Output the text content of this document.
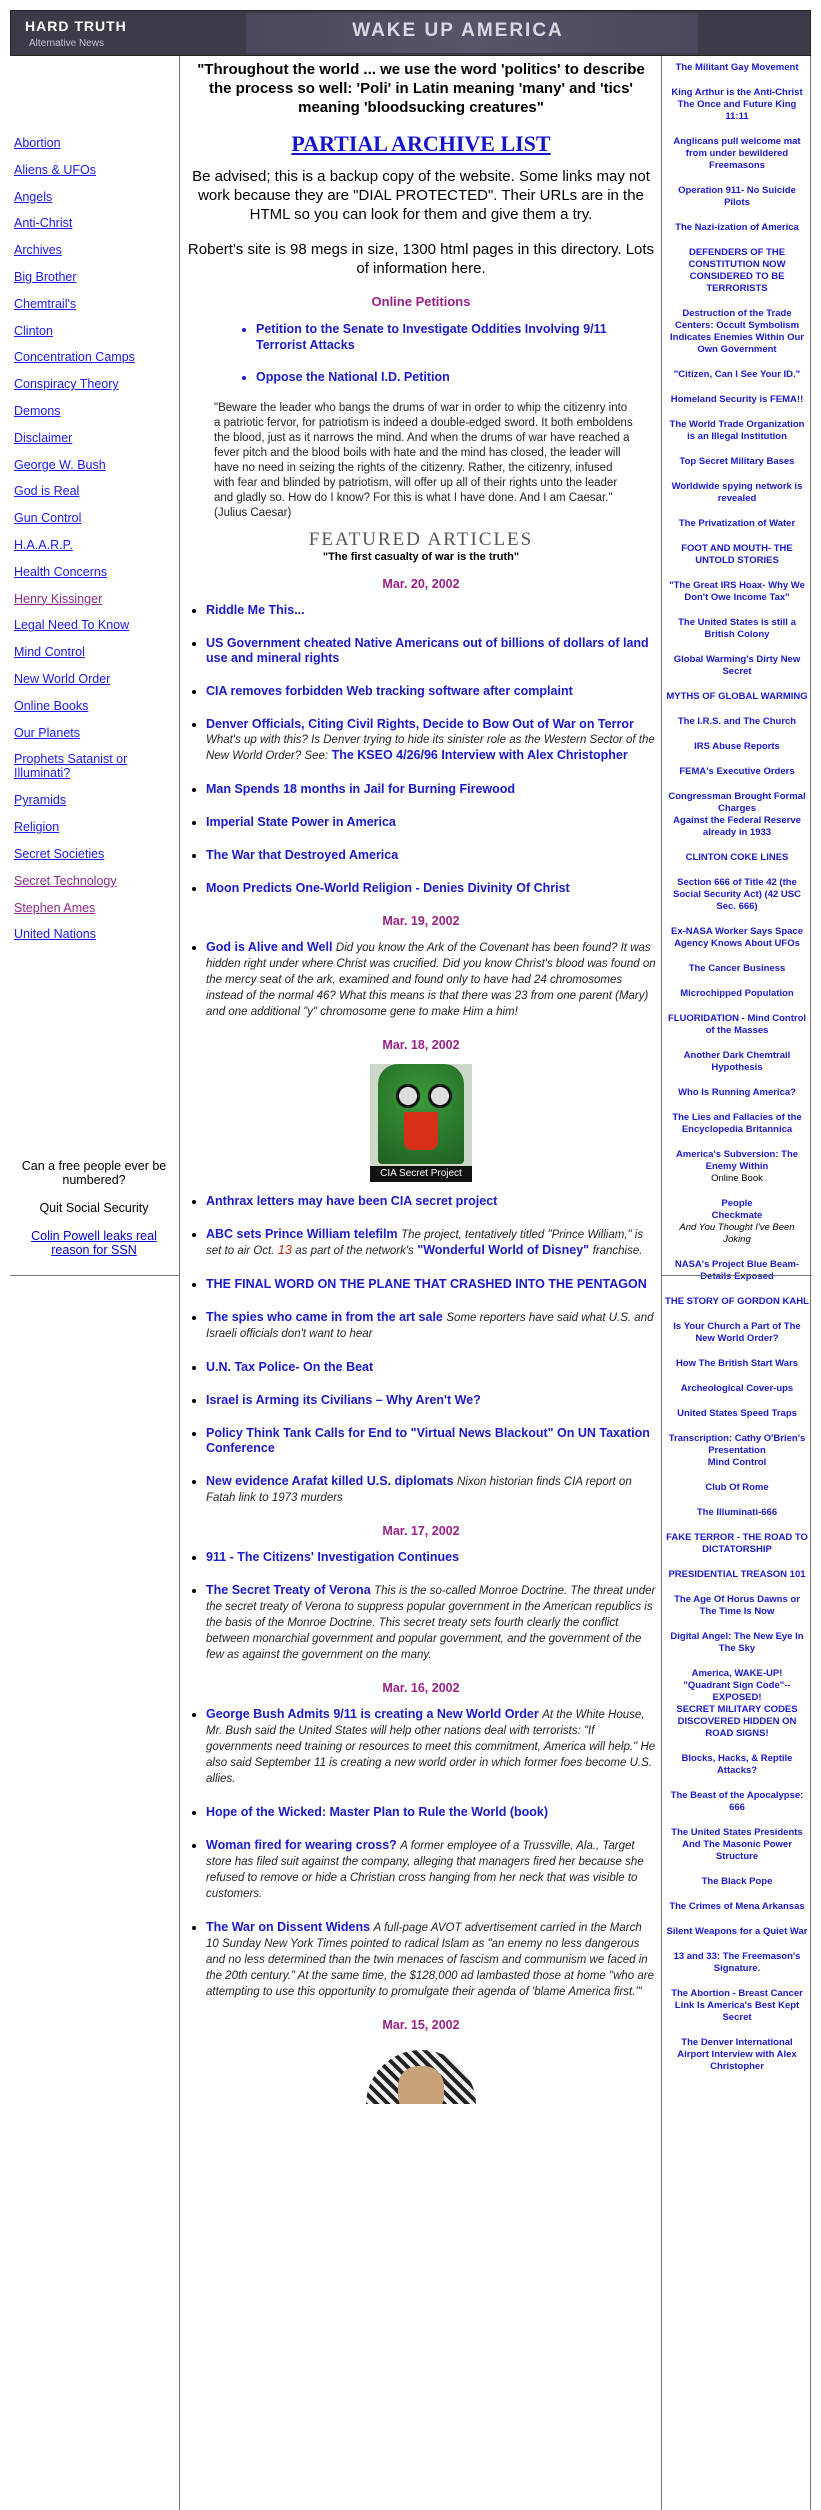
HARD TRUTH
Alternative News
WAKE UP AMERICA
Abortion
Aliens & UFOs
Angels
Anti-Christ
Archives
Big Brother
Chemtrail's
Clinton
Concentration Camps
Conspiracy Theory
Demons
Disclaimer
George W. Bush
God is Real
Gun Control
H.A.A.R.P.
Health Concerns
Henry Kissinger
Legal Need To Know
Mind Control
New World Order
Online Books
Our Planets
Prophets Satanist or Illuminati?
Pyramids
Religion
Secret Societies
Secret Technology
Stephen Ames
United Nations

Can a free people ever be numbered?

Quit Social Security

Colin Powell leaks real reason for SSN

"Throughout the world ... we use the word 'politics' to describe the process so well: 'Poli' in Latin meaning 'many' and 'tics' meaning 'bloodsucking creatures"
PARTIAL ARCHIVE LIST

Be advised; this is a backup copy of the website. Some links may not work because they are "DIAL PROTECTED". Their URLs are in the HTML so you can look for them and give them a try.

Robert's site is 98 megs in size, 1300 html pages in this directory. Lots of information here.

Online Petitions
• Petition to the Senate to Investigate Oddities Involving 9/11 Terrorist Attacks
• Oppose the National I.D. Petition

"Beware the leader who bangs the drums of war in order to whip the citizenry into a patriotic fervor, for patriotism is indeed a double-edged sword. It both emboldens the blood, just as it narrows the mind. And when the drums of war have reached a fever pitch and the blood boils with hate and the mind has closed, the leader will have no need in seizing the rights of the citizenry. Rather, the citizenry, infused with fear and blinded by patriotism, will offer up all of their rights unto the leader and gladly so. How do I know? For this is what I have done. And I am Caesar." (Julius Caesar)

FEATURED ARTICLES
"The first casualty of war is the truth"
Mar. 20, 2002
• Riddle Me This...
• US Government cheated Native Americans out of billions of dollars of land use and mineral rights
• CIA removes forbidden Web tracking software after complaint
• Denver Officials, Citing Civil Rights, Decide to Bow Out of War on Terror What's up with this? Is Denver trying to hide its sinister role as the Western Sector of the New World Order? See: The KSEO 4/26/96 Interview with Alex Christopher
• Man Spends 18 months in Jail for Burning Firewood
• Imperial State Power in America
• The War that Destroyed America
• Moon Predicts One-World Religion - Denies Divinity Of Christ
Mar. 19, 2002
• God is Alive and Well Did you know the Ark of the Covenant has been found? It was hidden right under where Christ was crucified. Did you know Christ's blood was found on the mercy seat of the ark, examined and found only to have had 24 chromosomes instead of the normal 46? What this means is that there was 23 from one parent (Mary) and one additional "y" chromosome gene to make Him a him!
Mar. 18, 2002
CIA Secret Project
• Anthrax letters may have been CIA secret project
• ABC sets Prince William telefilm The project, tentatively titled "Prince William," is set to air Oct. 13 as part of the network's "Wonderful World of Disney" franchise.
• THE FINAL WORD ON THE PLANE THAT CRASHED INTO THE PENTAGON
• The spies who came in from the art sale Some reporters have said what U.S. and Israeli officials don't want to hear
• U.N. Tax Police- On the Beat
• Israel is Arming its Civilians – Why Aren't We?
• Policy Think Tank Calls for End to "Virtual News Blackout" On UN Taxation Conference
• New evidence Arafat killed U.S. diplomats Nixon historian finds CIA report on Fatah link to 1973 murders
Mar. 17, 2002
• 911 - The Citizens' Investigation Continues
• The Secret Treaty of Verona This is the so-called Monroe Doctrine. The threat under the secret treaty of Verona to suppress popular government in the American republics is the basis of the Monroe Doctrine. This secret treaty sets fourth clearly the conflict between monarchial government and popular government, and the government of the few as against the government on the many.
Mar. 16, 2002
• George Bush Admits 9/11 is creating a New World Order At the White House, Mr. Bush said the United States will help other nations deal with terrorists: "If governments need training or resources to meet this commitment, America will help." He also said September 11 is creating a new world order in which former foes become U.S. allies.
• Hope of the Wicked: Master Plan to Rule the World (book)
• Woman fired for wearing cross? A former employee of a Trussville, Ala., Target store has filed suit against the company, alleging that managers fired her because she refused to remove or hide a Christian cross hanging from her neck that was visible to customers.
• The War on Dissent Widens A full-page AVOT advertisement carried in the March 10 Sunday New York Times pointed to radical Islam as "an enemy no less dangerous and no less determined than the twin menaces of fascism and communism we faced in the 20th century." At the same time, the $128,000 ad lambasted those at home "who are attempting to use this opportunity to promulgate their agenda of 'blame America first.'"
Mar. 15, 2002
The Militant Gay Movement
King Arthur is the Anti-Christ
The Once and Future King
11:11
Anglicans pull welcome mat from under bewildered Freemasons
Operation 911- No Suicide Pilots
The Nazi-ization of America
DEFENDERS OF THE CONSTITUTION NOW CONSIDERED TO BE TERRORISTS
Destruction of the Trade Centers: Occult Symbolism Indicates Enemies Within Our Own Government
"Citizen, Can I See Your ID."
Homeland Security is FEMA!!
The World Trade Organization is an Illegal Institution
Top Secret Military Bases
Worldwide spying network is revealed
The Privatization of Water
FOOT AND MOUTH- THE UNTOLD STORIES
"The Great IRS Hoax- Why We Don't Owe Income Tax"
The United States is still a British Colony
Global Warming's Dirty New Secret
MYTHS OF GLOBAL WARMING
The I.R.S. and The Church
IRS Abuse Reports
FEMA's Executive Orders
Congressman Brought Formal Charges
Against the Federal Reserve already in 1933
CLINTON COKE LINES
Section 666 of Title 42 (the Social Security Act) (42 USC Sec. 666)
Ex-NASA Worker Says Space Agency Knows About UFOs
The Cancer Business
Microchipped Population
FLUORIDATION - Mind Control of the Masses
Another Dark Chemtrail Hypothesis
Who Is Running America?
The Lies and Fallacies of the Encyclopedia Britannica
America's Subversion: The Enemy Within
Online Book
People
Checkmate
And You Thought I've Been Joking
NASA's Project Blue Beam- Details Exposed
THE STORY OF GORDON KAHL
Is Your Church a Part of The New World Order?
How The British Start Wars
Archeological Cover-ups
United States Speed Traps
Transcription: Cathy O'Brien's Presentation
Mind Control
Club Of Rome
The Illuminati-666
FAKE TERROR - THE ROAD TO DICTATORSHIP
PRESIDENTIAL TREASON 101
The Age Of Horus Dawns or The Time Is Now
Digital Angel: The New Eye In The Sky
America, WAKE-UP!
"Quadrant Sign Code"--
EXPOSED!
SECRET MILITARY CODES DISCOVERED HIDDEN ON ROAD SIGNS!
Blocks, Hacks, & Reptile Attacks?
The Beast of the Apocalypse: 666
The United States Presidents And The Masonic Power Structure
The Black Pope
The Crimes of Mena Arkansas
Silent Weapons for a Quiet War
13 and 33: The Freemason's Signature.
The Abortion - Breast Cancer Link Is America's Best Kept Secret
The Denver International Airport Interview with Alex Christopher
